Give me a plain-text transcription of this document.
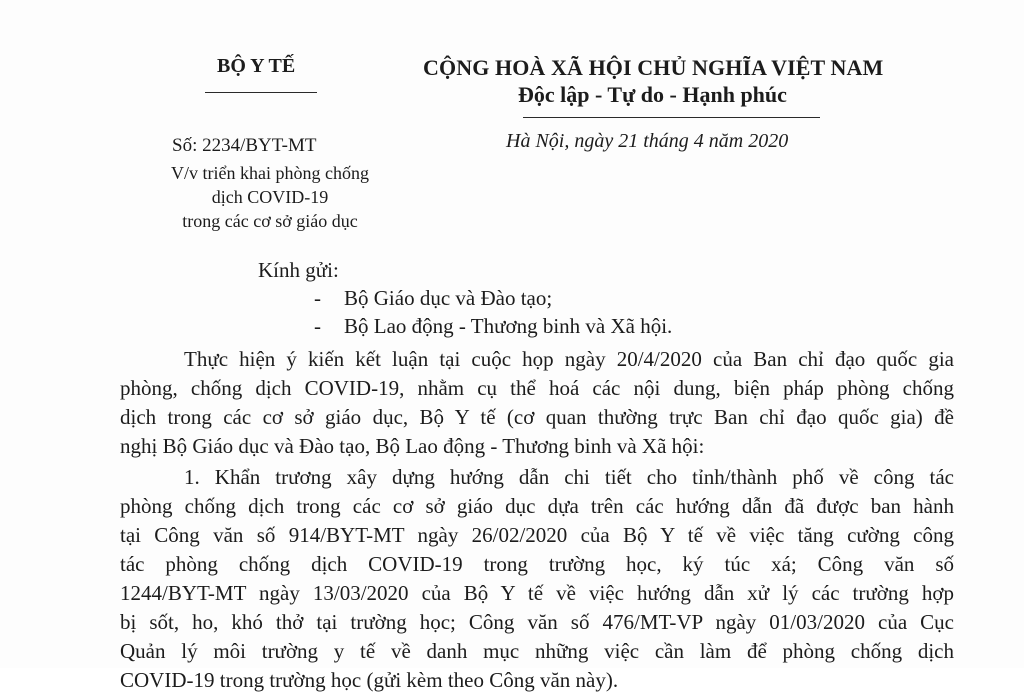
BỘ Y TẾ	CỘNG HOÀ XÃ HỘI CHỦ NGHĨA VIỆT NAM
Độc lập - Tự do - Hạnh phúc
Hà Nội, ngày 21 tháng 4 năm 2020
Số: 2234/BYT-MT
V/v triển khai phòng chống
dịch COVID-19
trong các cơ sở giáo dục
Kính gửi:
- Bộ Giáo dục và Đào tạo;
- Bộ Lao động - Thương binh và Xã hội.
Thực hiện ý kiến kết luận tại cuộc họp ngày 20/4/2020 của Ban chỉ đạo quốc gia
phòng, chống dịch COVID-19, nhằm cụ thể hoá các nội dung, biện pháp phòng chống
dịch trong các cơ sở giáo dục, Bộ Y tế (cơ quan thường trực Ban chỉ đạo quốc gia) đề
nghị Bộ Giáo dục và Đào tạo, Bộ Lao động - Thương binh và Xã hội:
1. Khẩn trương xây dựng hướng dẫn chi tiết cho tỉnh/thành phố về công tác
phòng chống dịch trong các cơ sở giáo dục dựa trên các hướng dẫn đã được ban hành
tại Công văn số 914/BYT-MT ngày 26/02/2020 của Bộ Y tế về việc tăng cường công
tác phòng chống dịch COVID-19 trong trường học, ký túc xá; Công văn số
1244/BYT-MT ngày 13/03/2020 của Bộ Y tế về việc hướng dẫn xử lý các trường hợp
bị sốt, ho, khó thở tại trường học; Công văn số 476/MT-VP ngày 01/03/2020 của Cục
Quản lý môi trường y tế về danh mục những việc cần làm để phòng chống dịch
COVID-19 trong trường học (gửi kèm theo Công văn này).
